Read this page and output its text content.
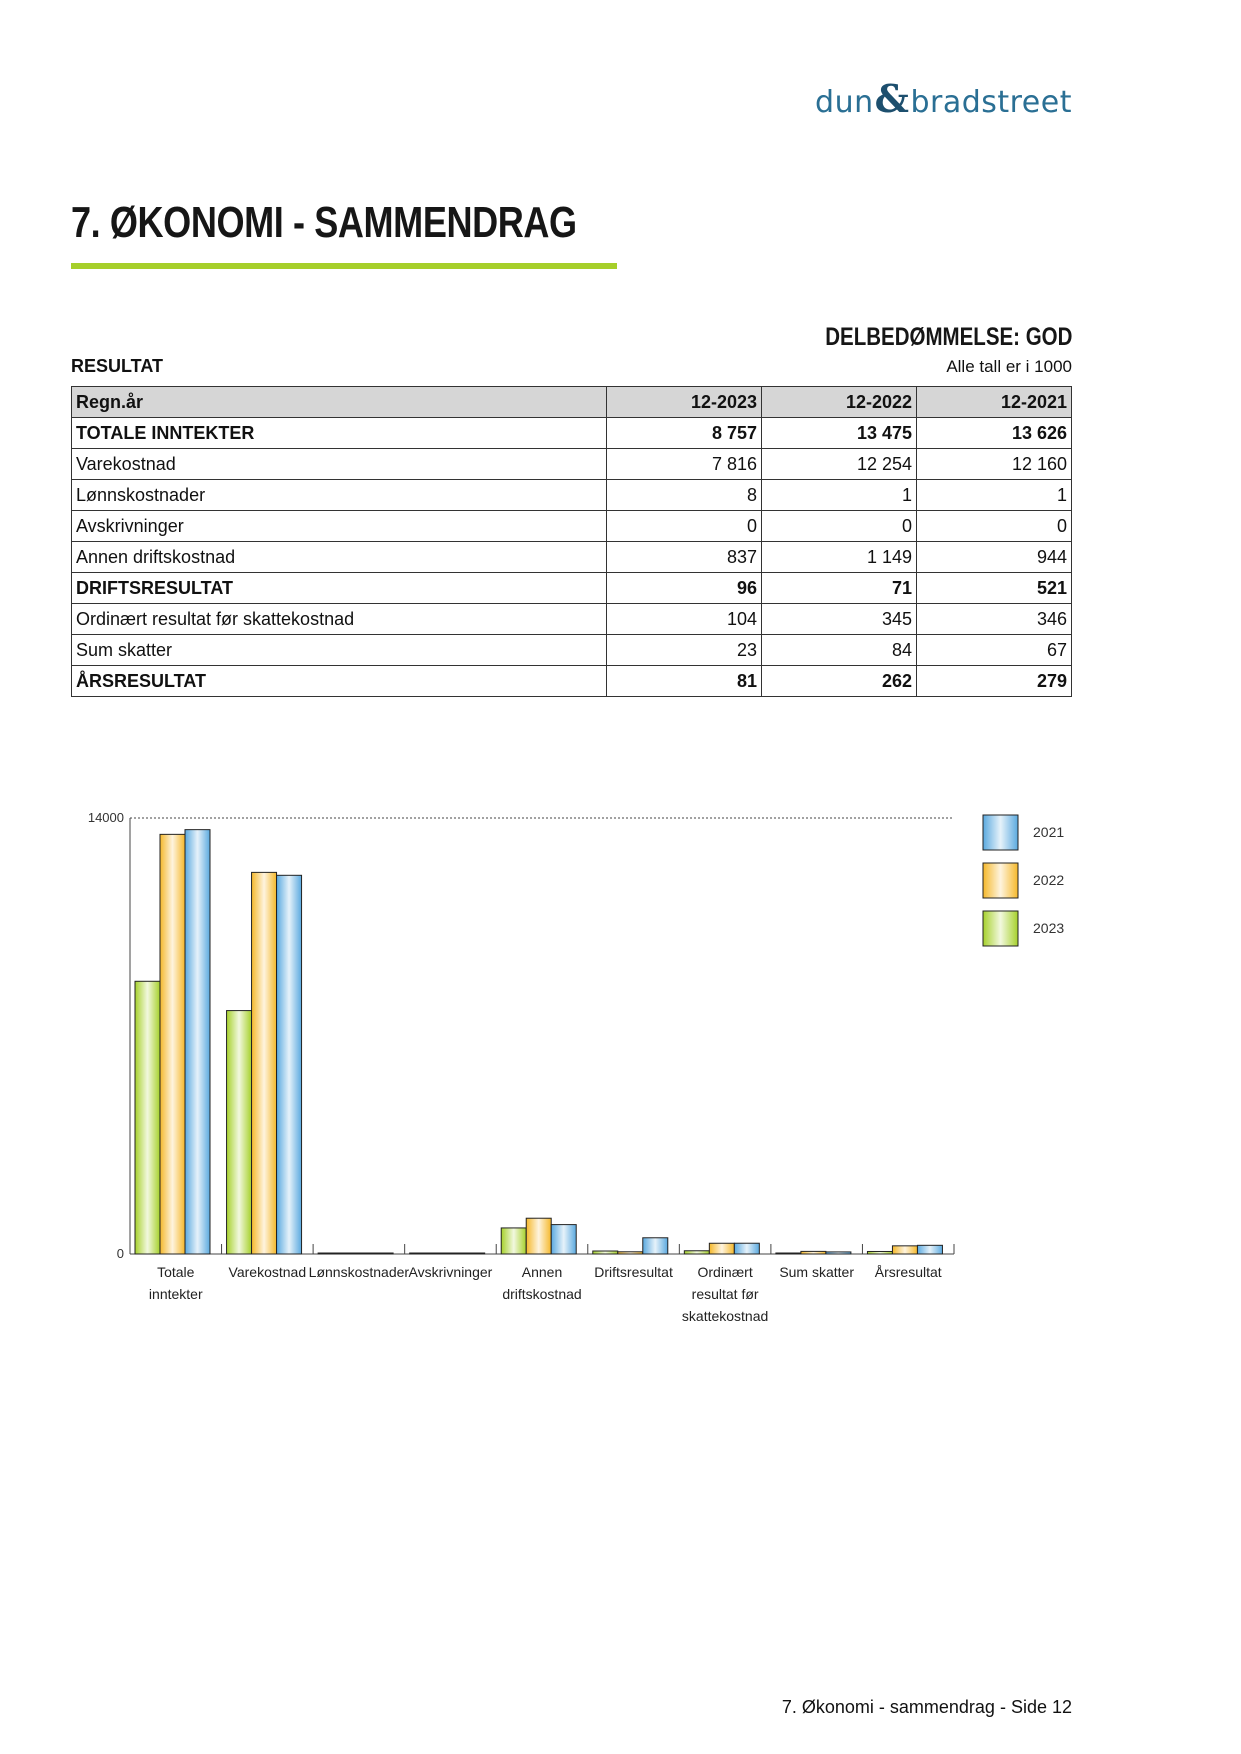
dun&bradstreet
7. ØKONOMI - SAMMENDRAG
DELBEDØMMELSE: GOD
RESULTAT	Alle tall er i 1000
Regn.år	12-2023	12-2022	12-2021
TOTALE INNTEKTER	8 757	13 475	13 626
Varekostnad	7 816	12 254	12 160
Lønnskostnader	8	1	1
Avskrivninger	0	0	0
Annen driftskostnad	837	1 149	944
DRIFTSRESULTAT	96	71	521
Ordinært resultat før skattekostnad	104	345	346
Sum skatter	23	84	67
ÅRSRESULTAT	81	262	279
0
14000
Totale
inntekter
Varekostnad Lønnskostnader Avskrivninger Annen
driftskostnad
Driftsresultat Ordinært
resultat før
skattekostnad
Sum skatter Årsresultat
2021
2022
2023
7. Økonomi - sammendrag - Side 12
